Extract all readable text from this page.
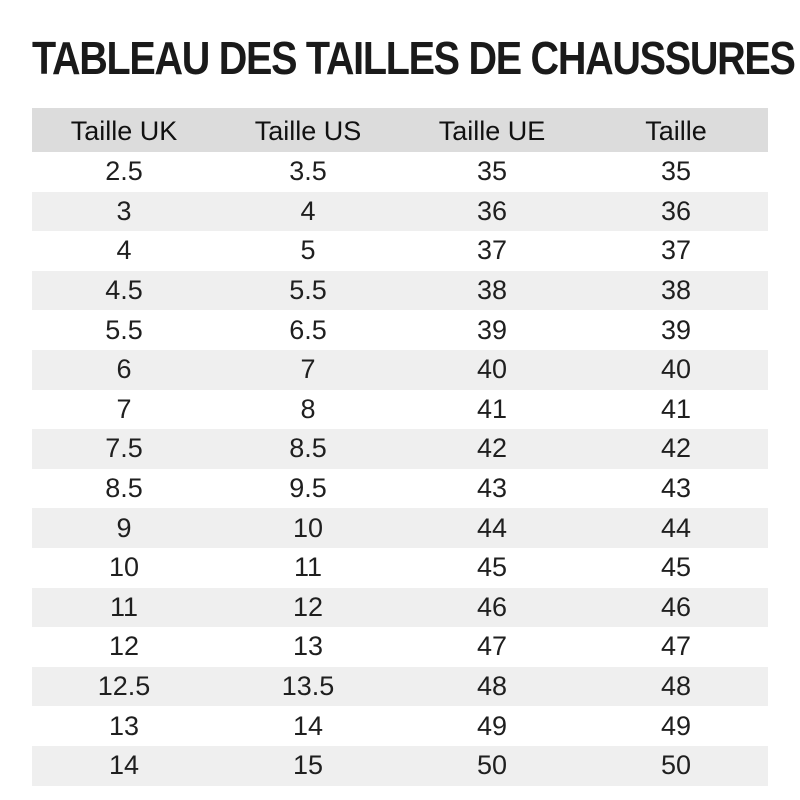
TABLEAU DES TAILLES DE CHAUSSURES
Taille UK	Taille US	Taille UE	Taille
2.5	3.5	35	35
3	4	36	36
4	5	37	37
4.5	5.5	38	38
5.5	6.5	39	39
6	7	40	40
7	8	41	41
7.5	8.5	42	42
8.5	9.5	43	43
9	10	44	44
10	11	45	45
11	12	46	46
12	13	47	47
12.5	13.5	48	48
13	14	49	49
14	15	50	50
